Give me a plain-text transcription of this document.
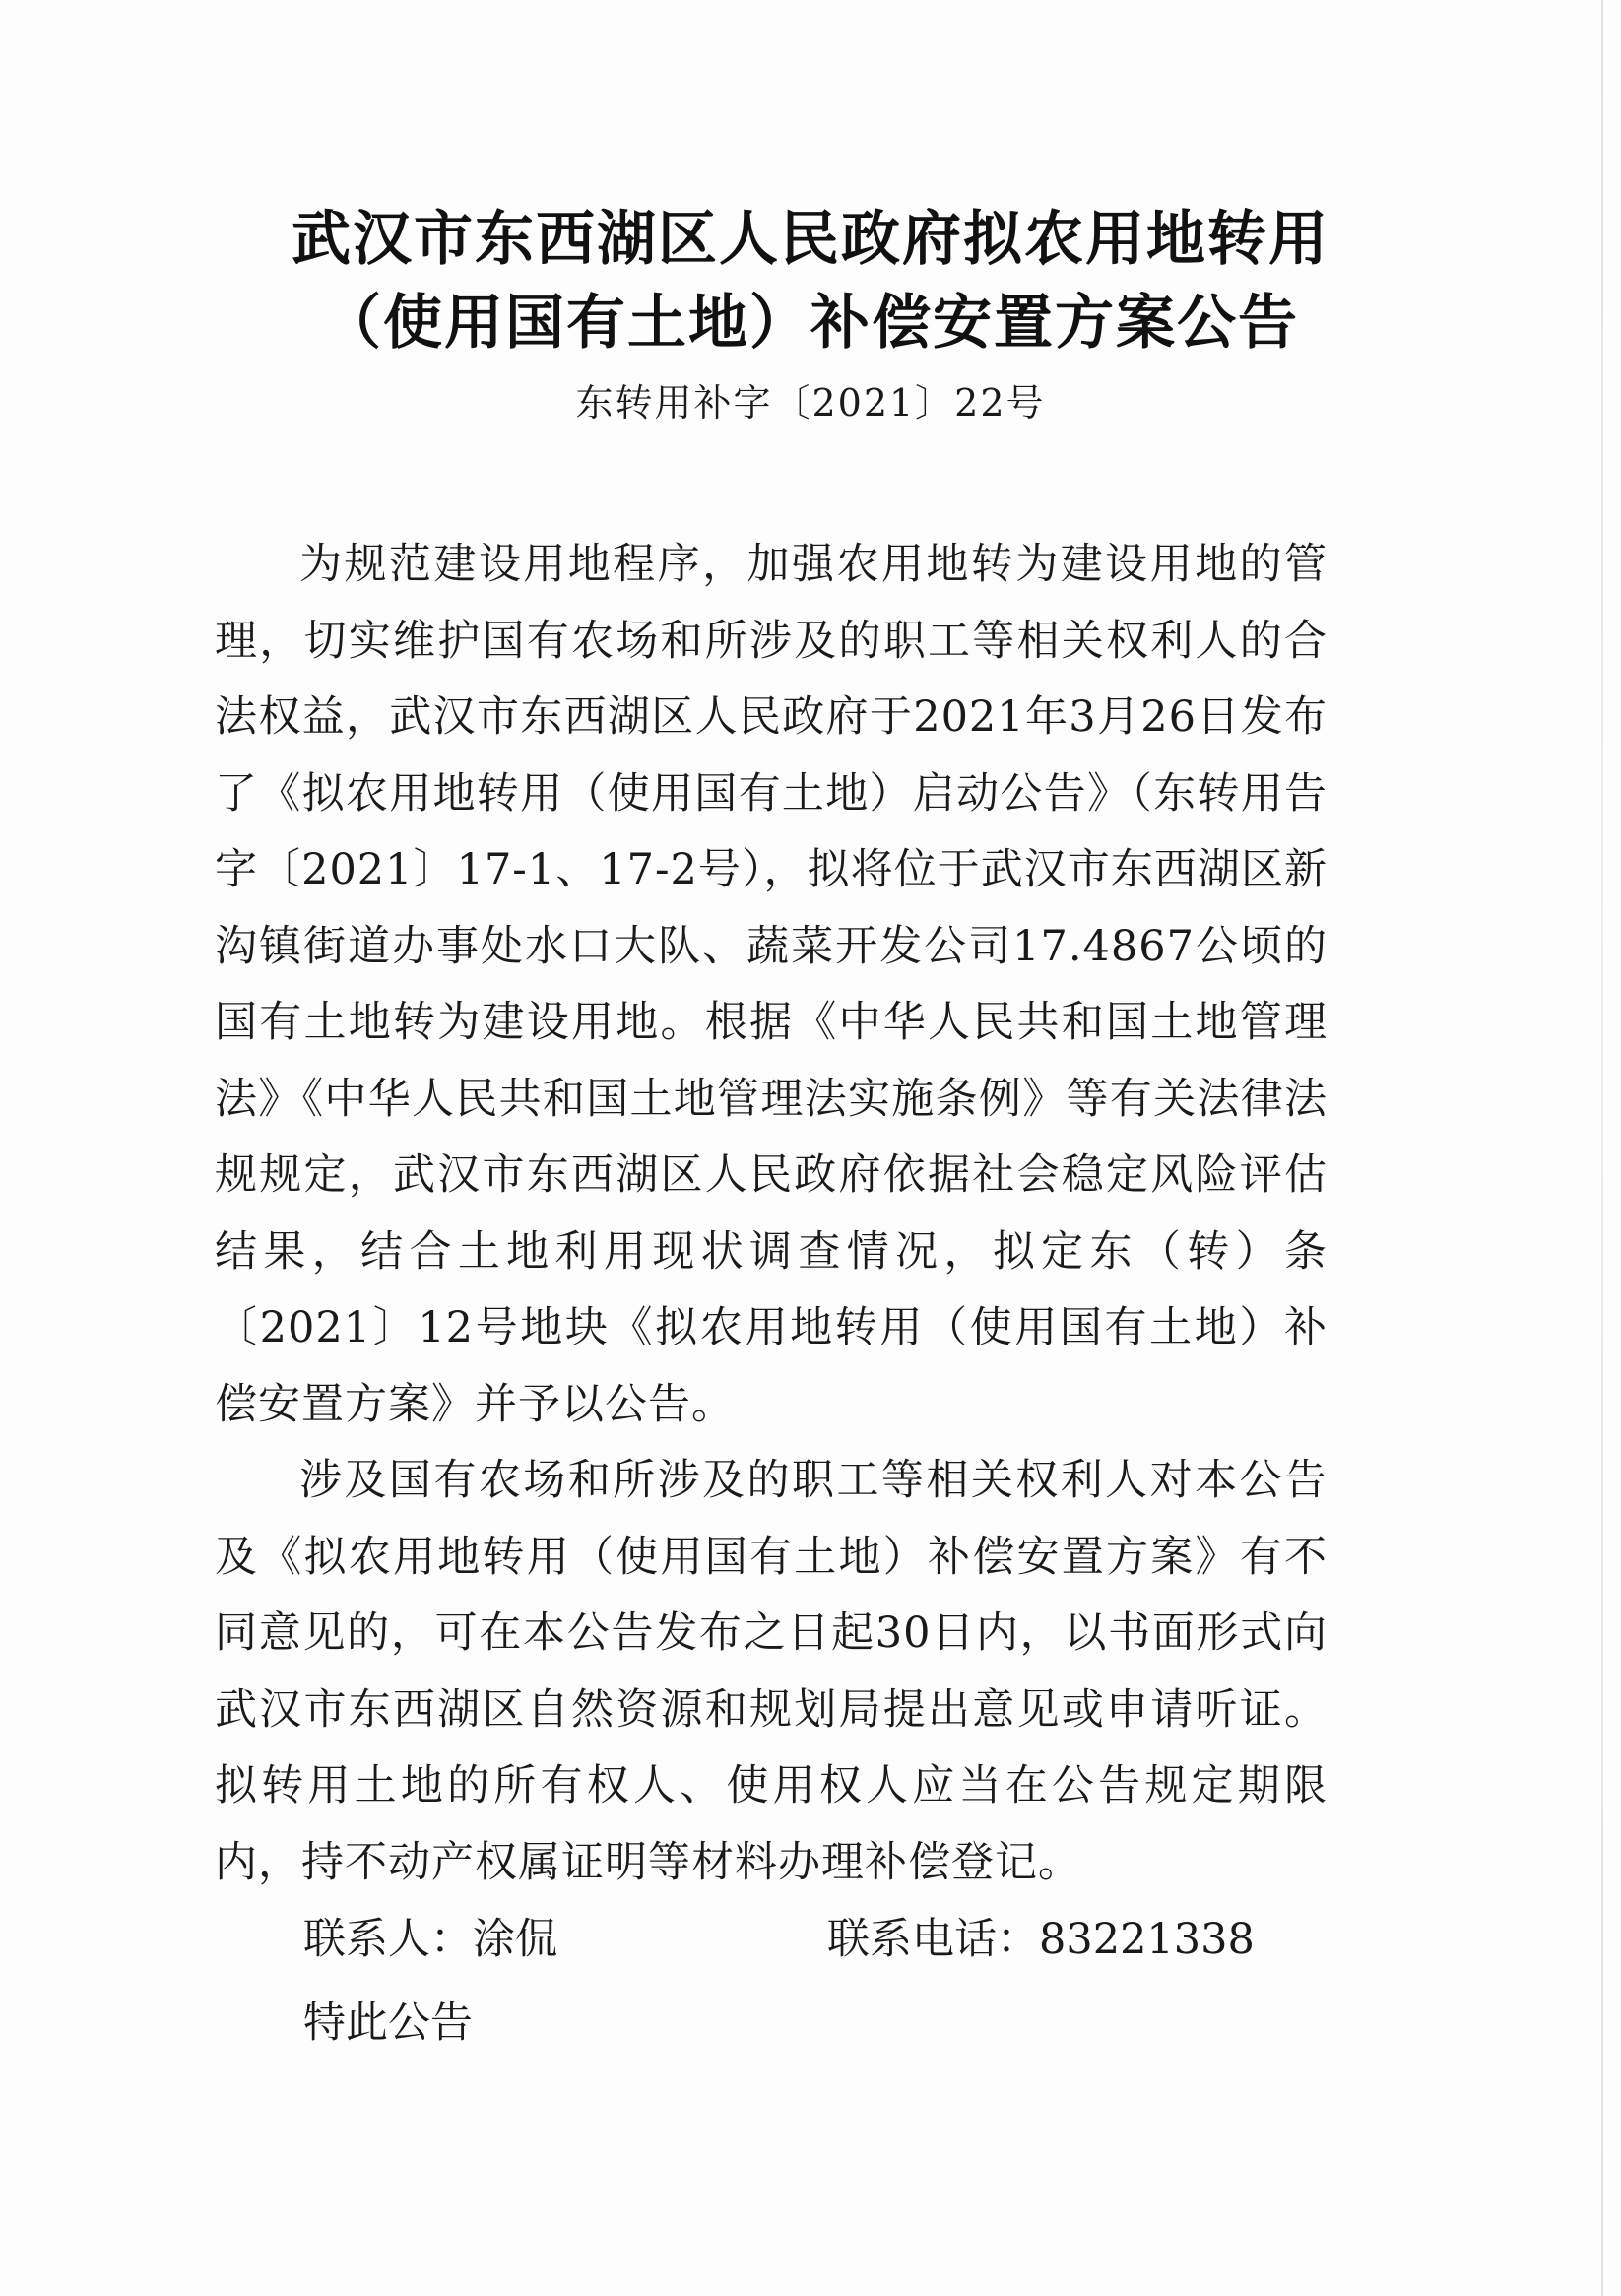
武汉市东西湖区人民政府拟农用地转用
（使用国有土地）补偿安置方案公告
东转用补字〔2021〕22号

为规范建设用地程序，加强农用地转为建设用地的管理，切实维护国有农场和所涉及的职工等相关权利人的合法权益，武汉市东西湖区人民政府于2021年3月26日发布了《拟农用地转用（使用国有土地）启动公告》（东转用告字〔2021〕17-1、17-2号），拟将位于武汉市东西湖区新沟镇街道办事处水口大队、蔬菜开发公司17.4867公顷的国有土地转为建设用地。根据《中华人民共和国土地管理法》《中华人民共和国土地管理法实施条例》等有关法律法规规定，武汉市东西湖区人民政府依据社会稳定风险评估结果，结合土地利用现状调查情况，拟定东（转）条〔2021〕12号地块《拟农用地转用（使用国有土地）补偿安置方案》并予以公告。

涉及国有农场和所涉及的职工等相关权利人对本公告及《拟农用地转用（使用国有土地）补偿安置方案》有不同意见的，可在本公告发布之日起30日内，以书面形式向武汉市东西湖区自然资源和规划局提出意见或申请听证。拟转用土地的所有权人、使用权人应当在公告规定期限内，持不动产权属证明等材料办理补偿登记。

联系人：涂侃	联系电话：83221338
特此公告
